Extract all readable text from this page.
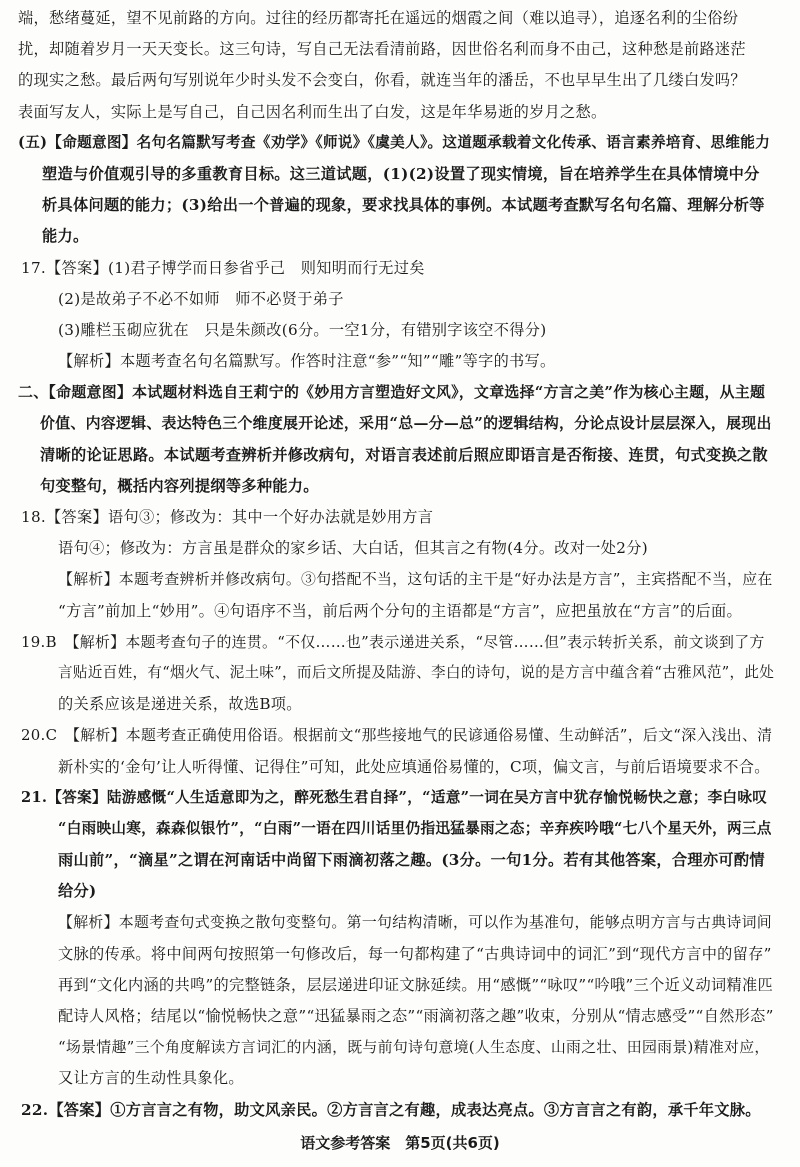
端，愁绪蔓延，望不见前路的方向。过往的经历都寄托在遥远的烟霞之间（难以追寻），追逐名利的尘俗纷
扰，却随着岁月一天天变长。这三句诗，写自己无法看清前路，因世俗名利而身不由己，这种愁是前路迷茫
的现实之愁。最后两句写别说年少时头发不会变白，你看，就连当年的潘岳，不也早早生出了几缕白发吗？
表面写友人，实际上是写自己，自己因名利而生出了白发，这是年华易逝的岁月之愁。
(五)【命题意图】名句名篇默写考查《劝学》《师说》《虞美人》。这道题承载着文化传承、语言素养培育、思维能力
塑造与价值观引导的多重教育目标。这三道试题，(1)(2)设置了现实情境，旨在培养学生在具体情境中分
析具体问题的能力；(3)给出一个普遍的现象，要求找具体的事例。本试题考查默写名句名篇、理解分析等
能力。
17.【答案】(1)君子博学而日参省乎己　则知明而行无过矣
(2)是故弟子不必不如师　师不必贤于弟子
(3)雕栏玉砌应犹在　只是朱颜改(6分。一空1分，有错别字该空不得分)
【解析】本题考查名句名篇默写。作答时注意“参”“知”“雕”等字的书写。
二、【命题意图】本试题材料选自王莉宁的《妙用方言塑造好文风》，文章选择“方言之美”作为核心主题，从主题
价值、内容逻辑、表达特色三个维度展开论述，采用“总—分—总”的逻辑结构，分论点设计层层深入，展现出
清晰的论证思路。本试题考查辨析并修改病句，对语言表述前后照应即语言是否衔接、连贯，句式变换之散
句变整句，概括内容列提纲等多种能力。
18.【答案】语句③；修改为：其中一个好办法就是妙用方言
语句④；修改为：方言虽是群众的家乡话、大白话，但其言之有物(4分。改对一处2分)
【解析】本题考查辨析并修改病句。③句搭配不当，这句话的主干是“好办法是方言”，主宾搭配不当，应在
“方言”前加上“妙用”。④句语序不当，前后两个分句的主语都是“方言”，应把虽放在“方言”的后面。
19.B　【解析】本题考查句子的连贯。“不仅……也”表示递进关系，“尽管……但”表示转折关系，前文谈到了方
言贴近百姓，有“烟火气、泥土味”，而后文所提及陆游、李白的诗句，说的是方言中蕴含着“古雅风范”，此处
的关系应该是递进关系，故选B项。
20.C　【解析】本题考查正确使用俗语。根据前文“那些接地气的民谚通俗易懂、生动鲜活”，后文“深入浅出、清
新朴实的‘金句’让人听得懂、记得住”可知，此处应填通俗易懂的，C项，偏文言，与前后语境要求不合。
21.【答案】陆游感慨“人生适意即为之，醉死愁生君自择”，“适意”一词在吴方言中犹存愉悦畅快之意；李白咏叹
“白雨映山寒，森森似银竹”，“白雨”一语在四川话里仍指迅猛暴雨之态；辛弃疾吟哦“七八个星天外，两三点
雨山前”，“滴星”之谓在河南话中尚留下雨滴初落之趣。(3分。一句1分。若有其他答案，合理亦可酌情
给分)
【解析】本题考查句式变换之散句变整句。第一句结构清晰，可以作为基准句，能够点明方言与古典诗词间
文脉的传承。将中间两句按照第一句修改后，每一句都构建了“古典诗词中的词汇”到“现代方言中的留存”
再到“文化内涵的共鸣”的完整链条，层层递进印证文脉延续。用“感慨”“咏叹”“吟哦”三个近义动词精准匹
配诗人风格；结尾以“愉悦畅快之意”“迅猛暴雨之态”“雨滴初落之趣”收束，分别从“情志感受”“自然形态”
“场景情趣”三个角度解读方言词汇的内涵，既与前句诗句意境(人生态度、山雨之壮、田园雨景)精准对应，
又让方言的生动性具象化。
22.【答案】①方言言之有物，助文风亲民。②方言言之有趣，成表达亮点。③方言言之有韵，承千年文脉。
语文参考答案　第5页(共6页)
